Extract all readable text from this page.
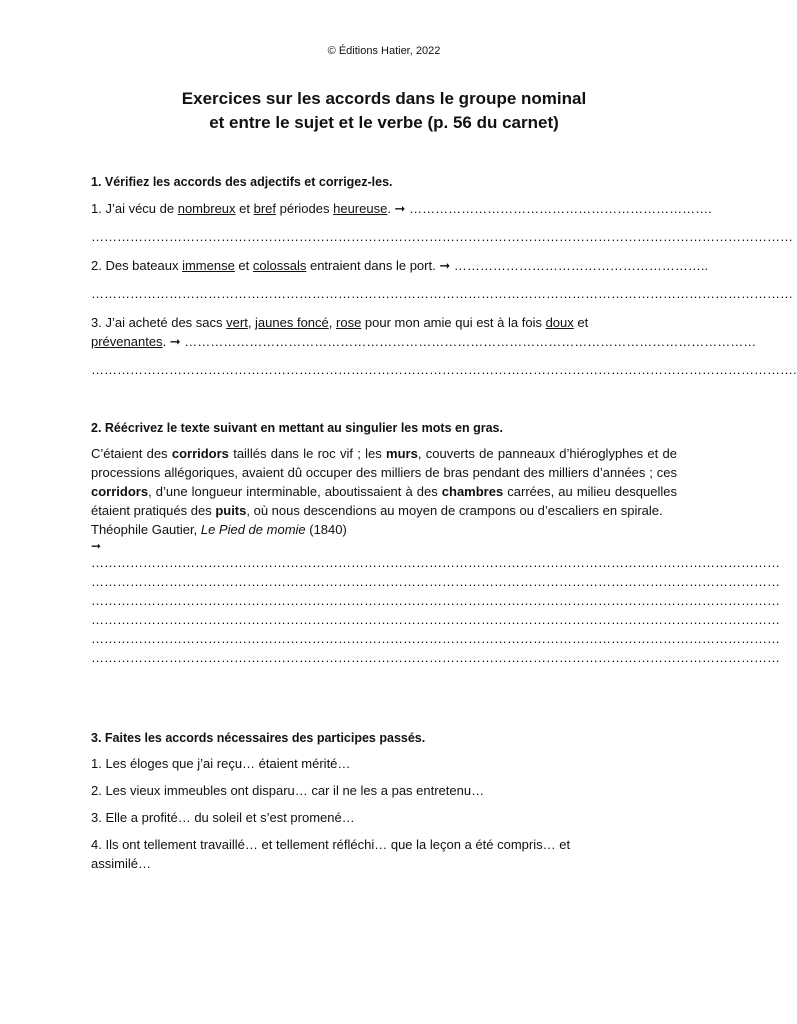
© Éditions Hatier, 2022
Exercices sur les accords dans le groupe nominal
et entre le sujet et le verbe (p. 56 du carnet)
1. Vérifiez les accords des adjectifs et corrigez-les.
1. J’ai vécu de nombreux et bref périodes heureuse. ➞ …………………………………………………………….
………………………………………………………………………………………………………………………………………………
2. Des bateaux immense et colossals entraient dans le port. ➞ …………………………………………………..
………………………………………………………………………………………………………………………………………………
3. J’ai acheté des sacs vert, jaunes foncé, rose pour mon amie qui est à la fois doux et
prévenantes. ➞ ……………………………………………………………………………………………………………………
……………………………………………………………………………………………………………………………………………….
2. Réécrivez le texte suivant en mettant au singulier les mots en gras.
C’étaient des corridors taillés dans le roc vif ; les murs, couverts de panneaux d’hiéroglyphes et de processions allégoriques, avaient dû occuper des milliers de bras pendant des milliers d’années ; ces corridors, d’une longueur interminable, aboutissaient à des chambres carrées, au milieu desquelles étaient pratiqués des puits, où nous descendions au moyen de crampons ou d’escaliers en spirale.
Théophile Gautier, Le Pied de momie (1840)
➞
……………………………………………………………………………………………………………………………………………
……………………………………………………………………………………………………………………………………………
……………………………………………………………………………………………………………………………………………
……………………………………………………………………………………………………………………………………………
……………………………………………………………………………………………………………………………………………
……………………………………………………………………………………………………………………………………………
3. Faites les accords nécessaires des participes passés.
1. Les éloges que j’ai reçu… étaient mérité…
2. Les vieux immeubles ont disparu… car il ne les a pas entretenu…
3. Elle a profité… du soleil et s’est promené…
4. Ils ont tellement travaillé… et tellement réfléchi… que la leçon a été compris… et
assimilé…
